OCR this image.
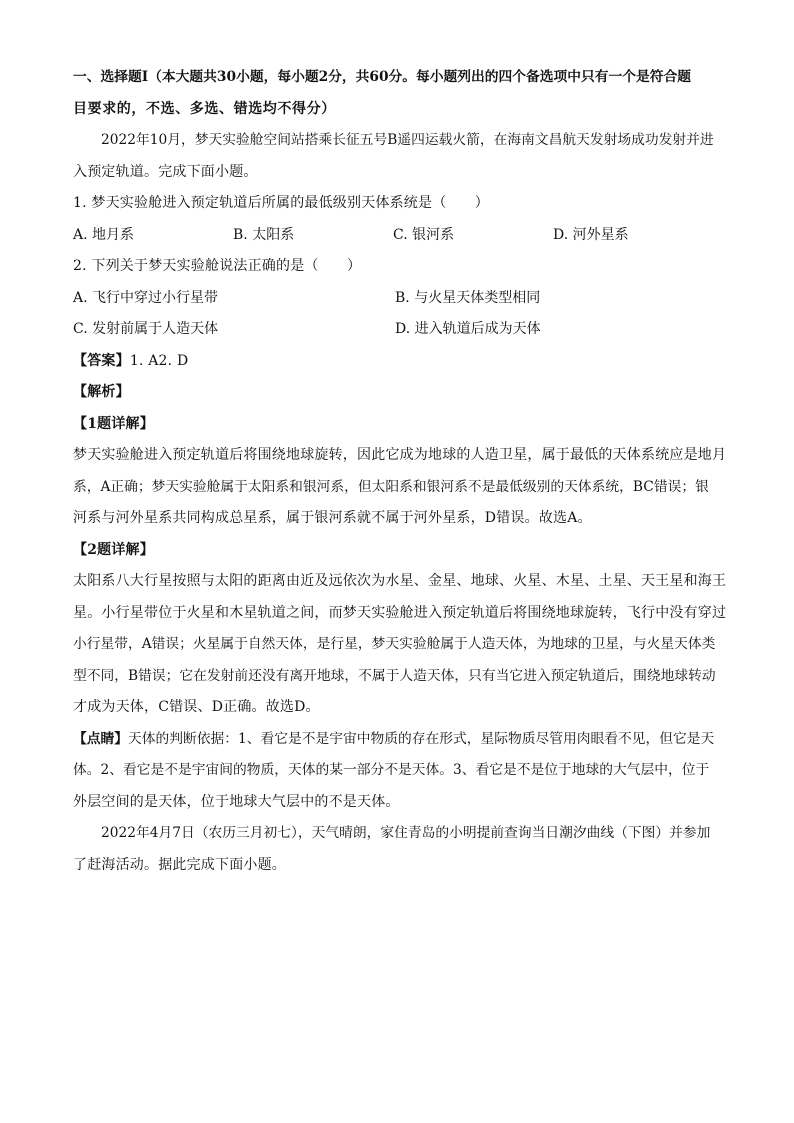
一、选择题Ⅰ（本大题共30小题，每小题2分，共60分。每小题列出的四个备选项中只有一个是符合题
目要求的，不选、多选、错选均不得分）
2022年10月，梦天实验舱空间站搭乘长征五号B遥四运载火箭，在海南文昌航天发射场成功发射并进
入预定轨道。完成下面小题。
1. 梦天实验舱进入预定轨道后所属的最低级别天体系统是（　　）
A. 地月系	B. 太阳系	C. 银河系	D. 河外星系
2. 下列关于梦天实验舱说法正确的是（　　）
A. 飞行中穿过小行星带	B. 与火星天体类型相同
C. 发射前属于人造天体	D. 进入轨道后成为天体
【答案】1. A2. D
【解析】
【1题详解】
梦天实验舱进入预定轨道后将围绕地球旋转，因此它成为地球的人造卫星，属于最低的天体系统应是地月
系，A正确；梦天实验舱属于太阳系和银河系，但太阳系和银河系不是最低级别的天体系统，BC错误；银
河系与河外星系共同构成总星系，属于银河系就不属于河外星系，D错误。故选A。
【2题详解】
太阳系八大行星按照与太阳的距离由近及远依次为水星、金星、地球、火星、木星、土星、天王星和海王
星。小行星带位于火星和木星轨道之间，而梦天实验舱进入预定轨道后将围绕地球旋转，飞行中没有穿过
小行星带，A错误；火星属于自然天体，是行星，梦天实验舱属于人造天体，为地球的卫星，与火星天体类
型不同，B错误；它在发射前还没有离开地球，不属于人造天体，只有当它进入预定轨道后，围绕地球转动
才成为天体，C错误、D正确。故选D。
【点睛】天体的判断依据：1、看它是不是宇宙中物质的存在形式，星际物质尽管用肉眼看不见，但它是天
体。2、看它是不是宇宙间的物质，天体的某一部分不是天体。3、看它是不是位于地球的大气层中，位于
外层空间的是天体，位于地球大气层中的不是天体。
2022年4月7日（农历三月初七），天气晴朗，家住青岛的小明提前查询当日潮汐曲线（下图）并参加
了赶海活动。据此完成下面小题。
